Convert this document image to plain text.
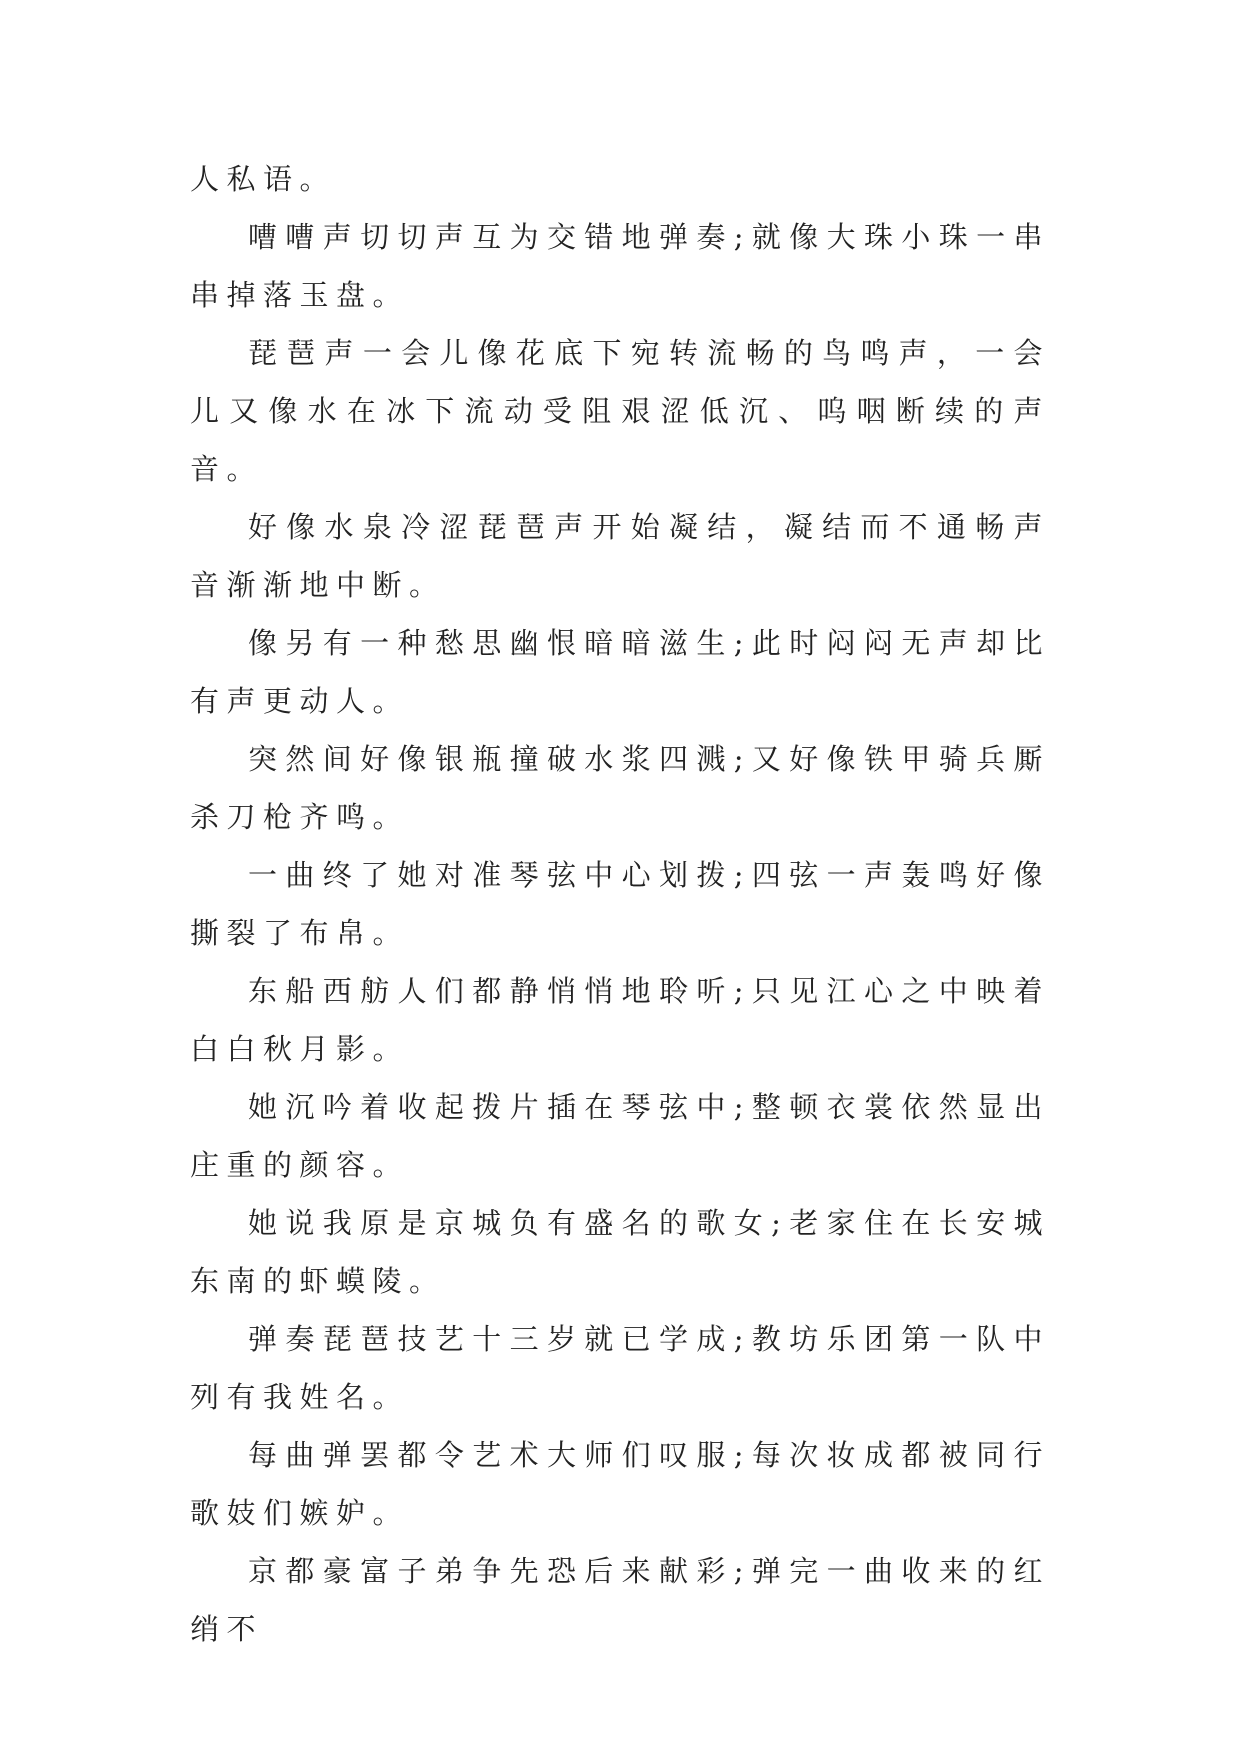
人私语。

嘈嘈声切切声互为交错地弹奏;就像大珠小珠一串串掉落玉盘。

琵琶声一会儿像花底下宛转流畅的鸟鸣声，一会儿又像水在冰下流动受阻艰涩低沉、呜咽断续的声音。

好像水泉冷涩琵琶声开始凝结，凝结而不通畅声音渐渐地中断。

像另有一种愁思幽恨暗暗滋生;此时闷闷无声却比有声更动人。

突然间好像银瓶撞破水浆四溅;又好像铁甲骑兵厮杀刀枪齐鸣。

一曲终了她对准琴弦中心划拨;四弦一声轰鸣好像撕裂了布帛。

东船西舫人们都静悄悄地聆听;只见江心之中映着白白秋月影。

她沉吟着收起拨片插在琴弦中;整顿衣裳依然显出庄重的颜容。

她说我原是京城负有盛名的歌女;老家住在长安城东南的虾蟆陵。

弹奏琵琶技艺十三岁就已学成;教坊乐团第一队中列有我姓名。

每曲弹罢都令艺术大师们叹服;每次妆成都被同行歌妓们嫉妒。

京都豪富子弟争先恐后来献彩;弹完一曲收来的红绡不
